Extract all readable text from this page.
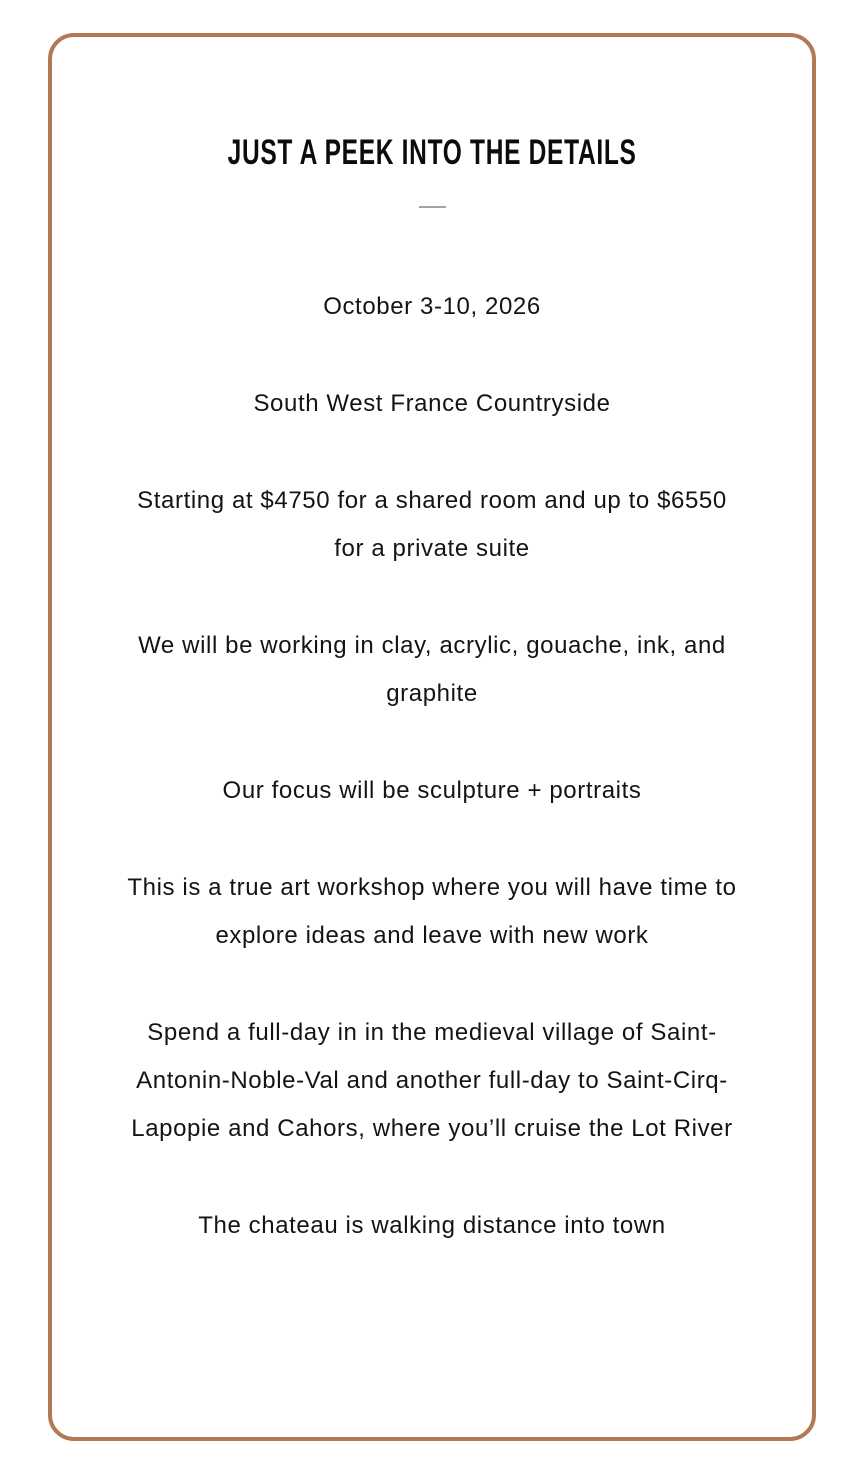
JUST A PEEK INTO THE DETAILS

October 3-10, 2026

South West France Countryside

Starting at $4750 for a shared room and up to $6550 for a private suite

We will be working in clay, acrylic, gouache, ink, and graphite

Our focus will be sculpture + portraits

This is a true art workshop where you will have time to explore ideas and leave with new work

Spend a full-day in in the medieval village of Saint-Antonin-Noble-Val and another full-day to Saint-Cirq-Lapopie and Cahors, where you’ll cruise the Lot River

The chateau is walking distance into town
